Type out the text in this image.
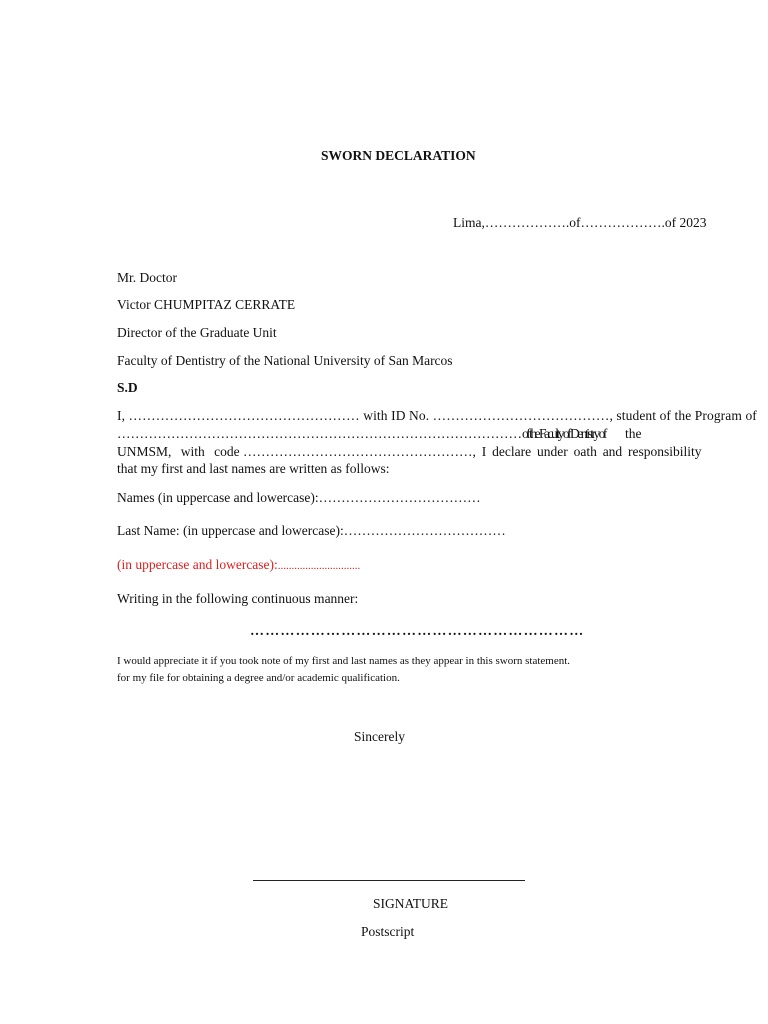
SWORN DECLARATION
Lima,……………….of……………….of 2023
Mr. Doctor
Victor CHUMPITAZ CERRATE
Director of the Graduate Unit
Faculty of Dentistry of the National University of San Marcos
S.D
I, …………………………………………… with ID No. …………………………………, student of the Program of
……………………………………………………………………………… of the Faculty of Dentistry of the
UNMSM, with code ……………………………………………, I declare under oath and responsibility
that my first and last names are written as follows:
Names (in uppercase and lowercase):………………………………
Last Name: (in uppercase and lowercase):………………………………
(in uppercase and lowercase):..............................
Writing in the following continuous manner:
…………………………………………………………
I would appreciate it if you took note of my first and last names as they appear in this sworn statement.
for my file for obtaining a degree and/or academic qualification.
Sincerely
SIGNATURE
Postscript
